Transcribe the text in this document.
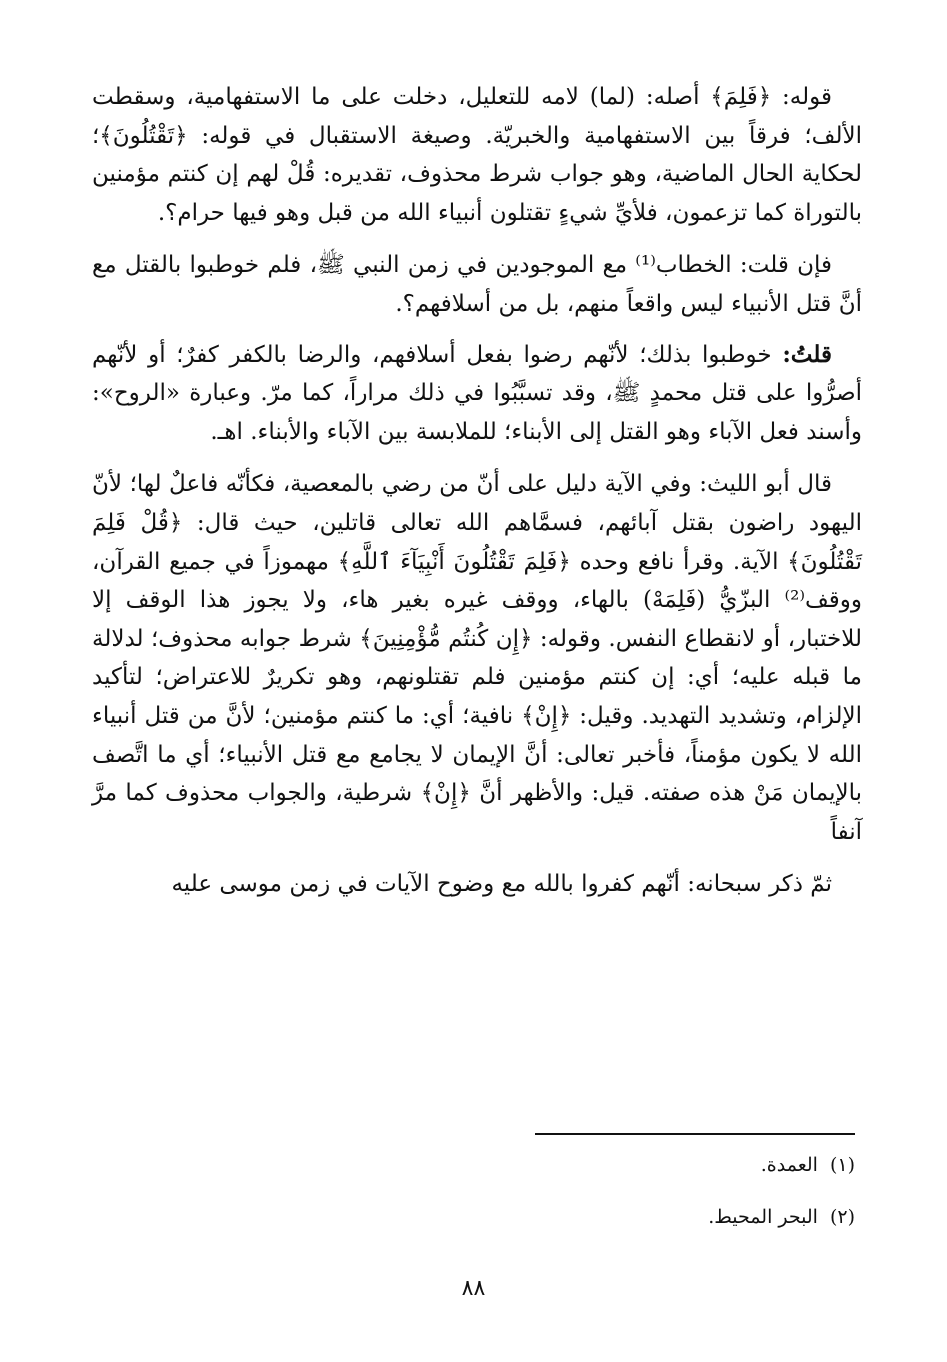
قوله: ﴿فَلِمَ﴾ أصله: (لما) لامه للتعليل، دخلت على ما الاستفهامية، وسقطت الألف؛ فرقاً بين الاستفهامية والخبريّة. وصيغة الاستقبال في قوله: ﴿تَقْتُلُونَ﴾؛ لحكاية الحال الماضية، وهو جواب شرط محذوف، تقديره: قُلْ لهم إن كنتم مؤمنين بالتوراة كما تزعمون، فلأيِّ شيءٍ تقتلون أنبياء الله من قبل وهو فيها حرام؟.

فإن قلت: الخطاب⁽¹⁾ مع الموجودين في زمن النبي ﷺ، فلم خوطبوا بالقتل مع أنَّ قتل الأنبياء ليس واقعاً منهم، بل من أسلافهم؟.

قلتُ: خوطبوا بذلك؛ لأنّهم رضوا بفعل أسلافهم، والرضا بالكفر كفرٌ؛ أو لأنّهم أصرُّوا على قتل محمدٍ ﷺ، وقد تسبَّبُوا في ذلك مراراً، كما مرّ. وعبارة «الروح»: وأسند فعل الآباء وهو القتل إلى الأبناء؛ للملابسة بين الآباء والأبناء. اهـ.

قال أبو الليث: وفي الآية دليل على أنّ من رضي بالمعصية، فكأنّه فاعلٌ لها؛ لأنّ اليهود راضون بقتل آبائهم، فسمَّاهم الله تعالى قاتلين، حيث قال: ﴿قُلْ فَلِمَ تَقْتُلُونَ﴾ الآية. وقرأ نافع وحده ﴿فَلِمَ تَقْتُلُونَ أَنْبِيَآءَ ٱللَّهِ﴾ مهموزاً في جميع القرآن، ووقف⁽²⁾ البزّيُّ (فَلِمَهْ) بالهاء، ووقف غيره بغير هاء، ولا يجوز هذا الوقف إلا للاختبار، أو لانقطاع النفس. وقوله: ﴿إِن كُنتُم مُّؤْمِنِينَ﴾ شرط جوابه محذوف؛ لدلالة ما قبله عليه؛ أي: إن كنتم مؤمنين فلم تقتلونهم، وهو تكريرٌ للاعتراض؛ لتأكيد الإلزام، وتشديد التهديد. وقيل: ﴿إِنْ﴾ نافية؛ أي: ما كنتم مؤمنين؛ لأنَّ من قتل أنبياء الله لا يكون مؤمناً، فأخبر تعالى: أنَّ الإيمان لا يجامع مع قتل الأنبياء؛ أي ما اتَّصف بالإيمان مَنْ هذه صفته. قيل: والأظهر أنَّ ﴿إِنْ﴾ شرطية، والجواب محذوف كما مرَّ آنفاً

ثمّ ذكر سبحانه: أنّهم كفروا بالله مع وضوح الآيات في زمن موسى عليه

(١)العمدة.

(٢)البحر المحيط.

٨٨
